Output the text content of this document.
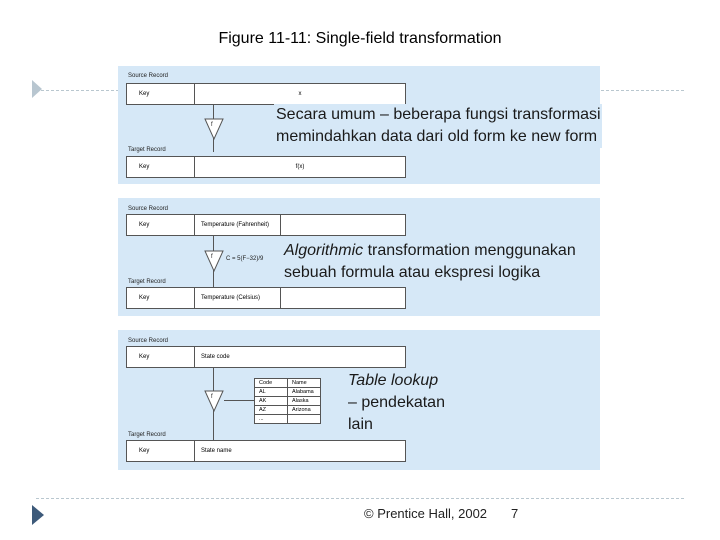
Figure 11-11: Single-field transformation
Source Record
Key	x
f
Target Record
Key	f(x)
Source Record
Key	Temperature (Fahrenheit)
f C = 5(F−32)/9
Target Record
Key	Temperature (Celsius)
Source Record
Key	State code
f
Code	Name
AL	Alabama
AK	Alaska
AZ	Arizona
...	
Target Record
Key	State name
Secara umum – beberapa fungsi transformasi memindahkan data dari old form ke new form
Algorithmic transformation menggunakan sebuah formula atau ekspresi logika
Table lookup
– pendekatan lain
© Prentice Hall, 2002 7
